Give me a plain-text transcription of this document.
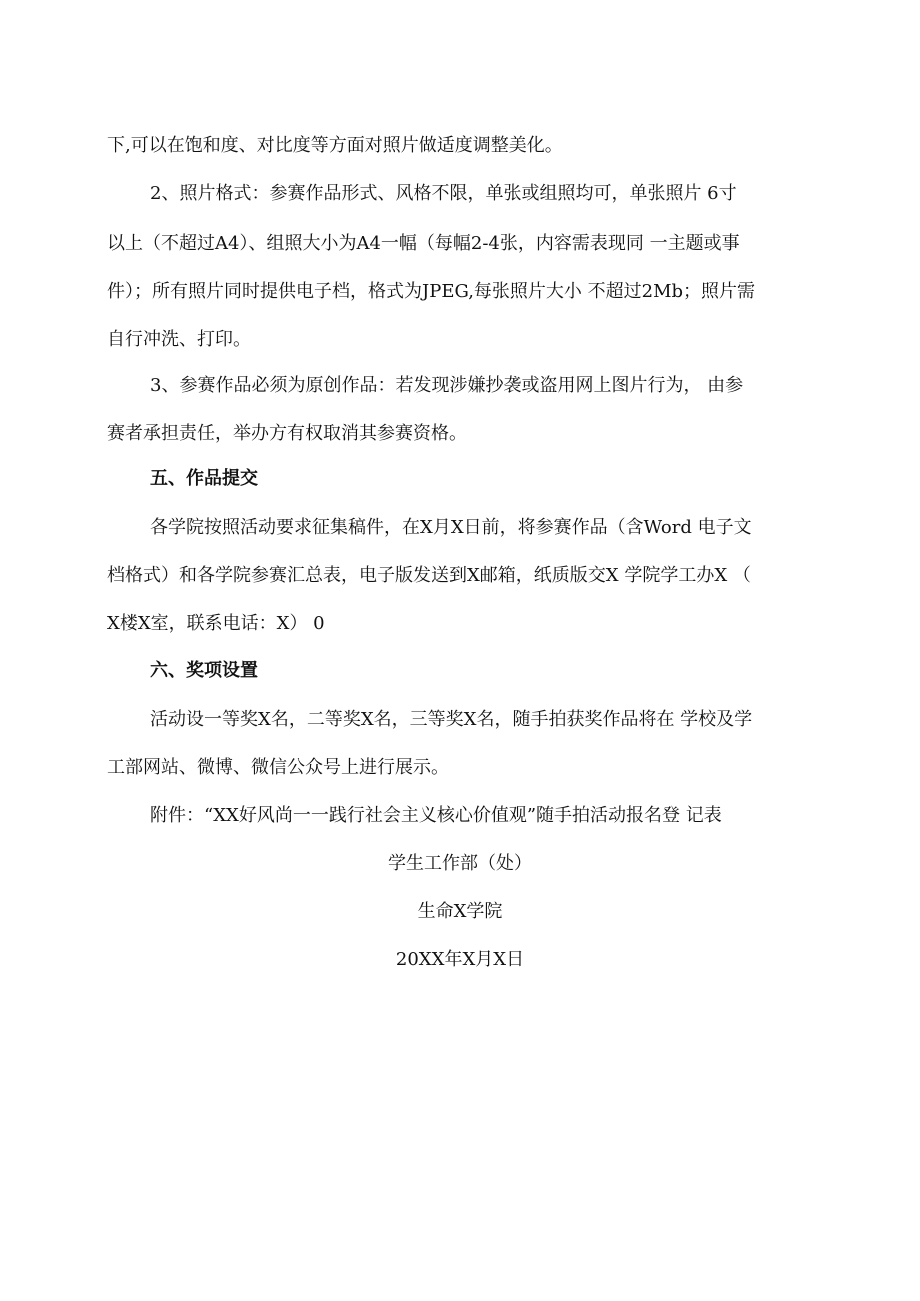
下,可以在饱和度、对比度等方面对照片做适度调整美化。
2、照片格式：参赛作品形式、风格不限，单张或组照均可，单张照片 6寸
以上（不超过A4）、组照大小为A4一幅（每幅2-4张，内容需表现同 一主题或事
件）；所有照片同时提供电子档，格式为JPEG,每张照片大小 不超过2Mb；照片需
自行冲洗、打印。
3、参赛作品必须为原创作品：若发现涉嫌抄袭或盗用网上图片行为， 由参
赛者承担责任，举办方有权取消其参赛资格。
五、作品提交
各学院按照活动要求征集稿件，在X月X日前，将参赛作品（含Word 电子文
档格式）和各学院参赛汇总表，电子版发送到X邮箱，纸质版交X 学院学工办X （
X楼X室，联系电话：X） 0
六、奖项设置
活动设一等奖X名，二等奖X名，三等奖X名，随手拍获奖作品将在 学校及学
工部网站、微博、微信公众号上进行展示。
附件：“XX好风尚一一践行社会主义核心价值观”随手拍活动报名登 记表
学生工作部（处）
生命X学院
20XX年X月X日
